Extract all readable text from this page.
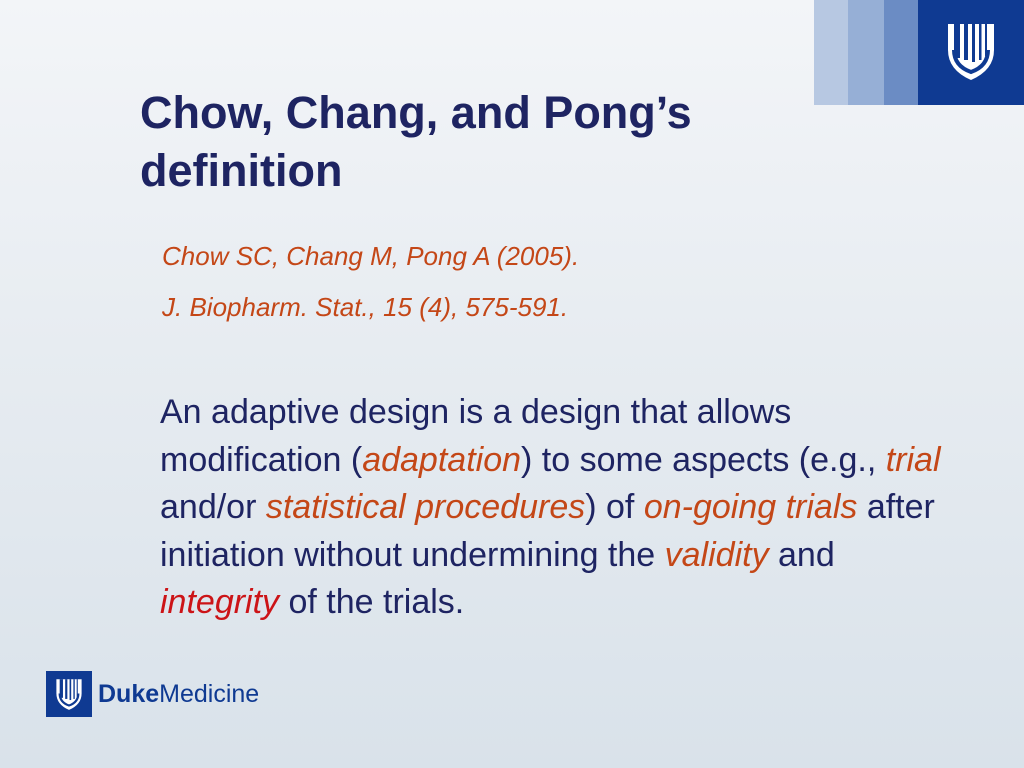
Chow, Chang, and Pong’s
definition

Chow SC, Chang M, Pong A (2005).

J. Biopharm. Stat., 15 (4), 575-591.

An adaptive design is a design that allows modification (adaptation) to some aspects (e.g., trial and/or statistical procedures) of on-going trials after initiation without undermining the validity and integrity of the trials.

DukeMedicine
